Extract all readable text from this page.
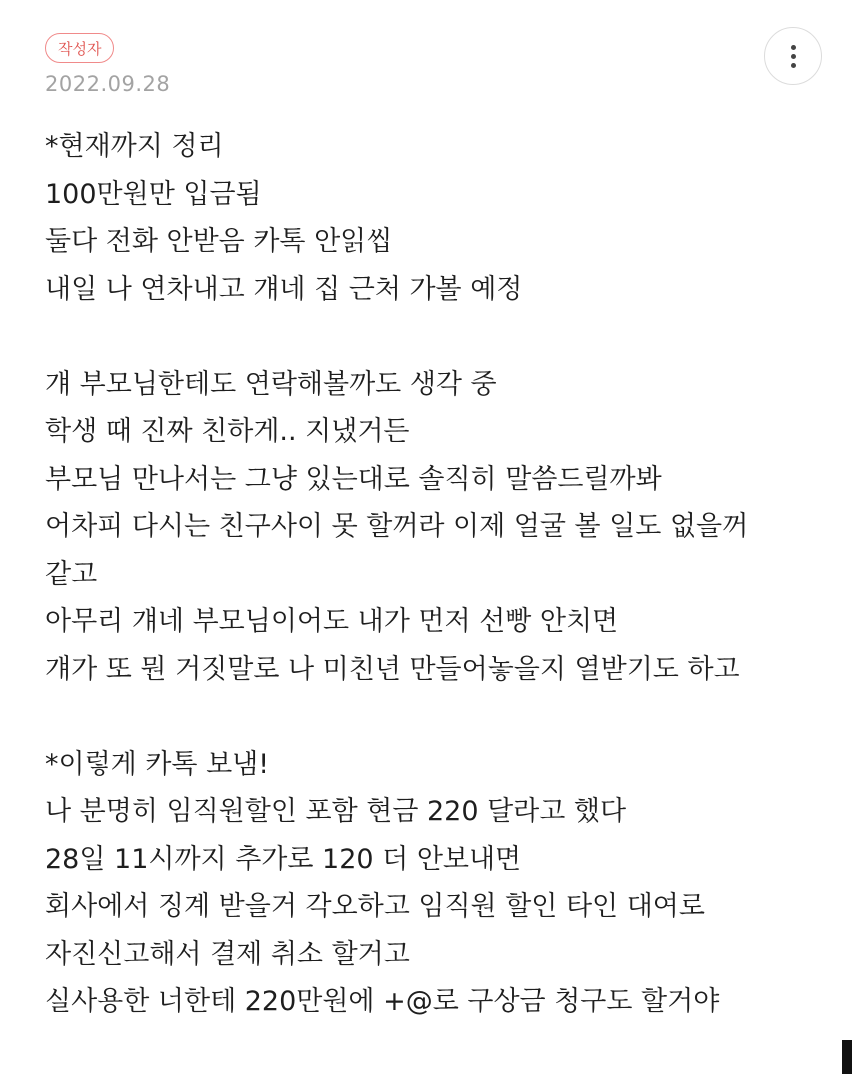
작성자
2022.09.28
*현재까지 정리
100만원만 입금됨
둘다 전화 안받음 카톡 안읽씹
내일 나 연차내고 걔네 집 근처 가볼 예정
걔 부모님한테도 연락해볼까도 생각 중
학생 때 진짜 친하게.. 지냈거든
부모님 만나서는 그냥 있는대로 솔직히 말씀드릴까봐
어차피 다시는 친구사이 못 할꺼라 이제 얼굴 볼 일도 없을꺼
같고
아무리 걔네 부모님이어도 내가 먼저 선빵 안치면
걔가 또 뭔 거짓말로 나 미친년 만들어놓을지 열받기도 하고
*이렇게 카톡 보냄!
나 분명히 임직원할인 포함 현금 220 달라고 했다
28일 11시까지 추가로 120 더 안보내면
회사에서 징계 받을거 각오하고 임직원 할인 타인 대여로
자진신고해서 결제 취소 할거고
실사용한 너한테 220만원에 +@로 구상금 청구도 할거야
